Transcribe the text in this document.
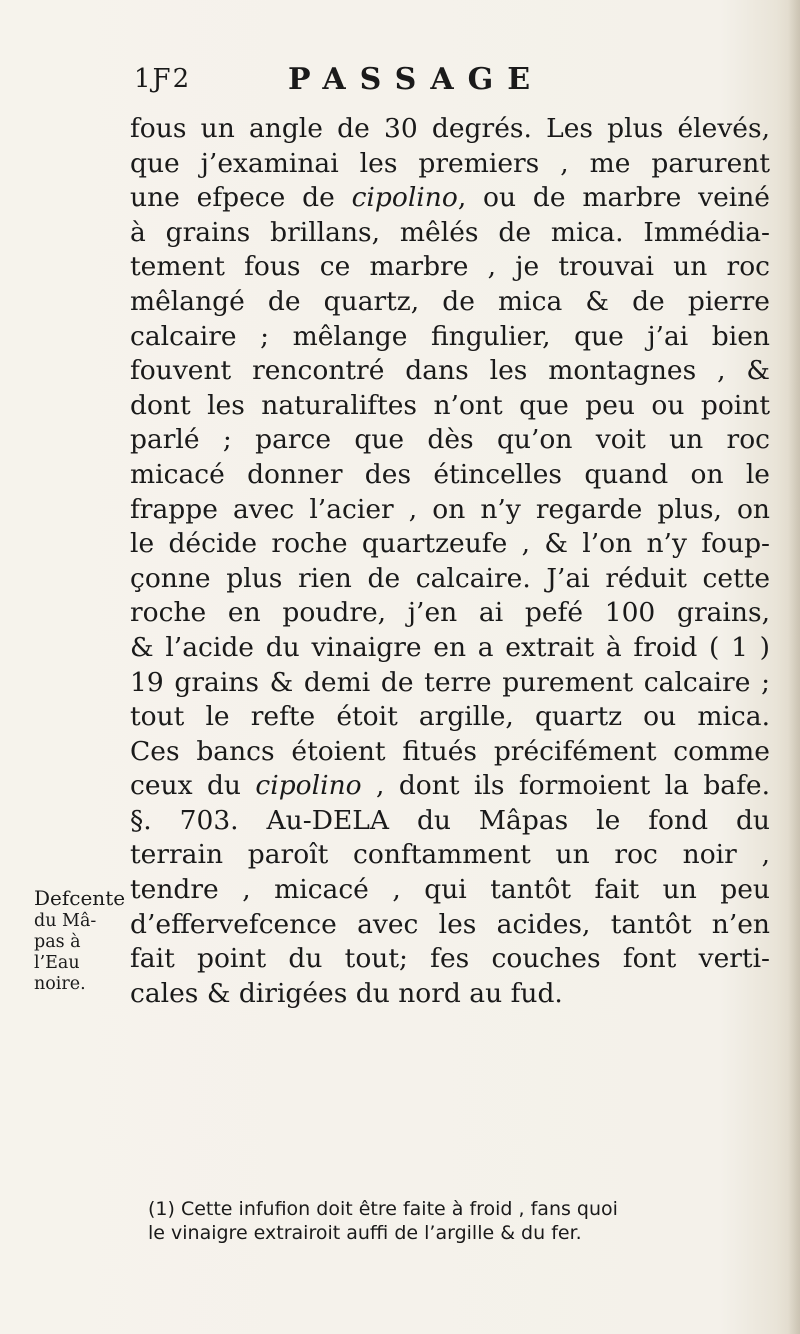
1Ƒ2	PASSAGE
fous un angle de 30 degrés. Les plus élevés,
que j’examinai les premiers , me parurent
une efpece de cipolino, ou de marbre veiné
à grains brillans, mêlés de mica. Immédia-
tement fous ce marbre , je trouvai un roc
mêlangé de quartz, de mica & de pierre
calcaire ; mêlange fingulier, que j’ai bien
fouvent rencontré dans les montagnes , &
dont les naturaliftes n’ont que peu ou point
parlé ; parce que dès qu’on voit un roc
micacé donner des étincelles quand on le
frappe avec l’acier , on n’y regarde plus, on
le décide roche quartzeufe , & l’on n’y foup-
çonne plus rien de calcaire. J’ai réduit cette
roche en poudre, j’en ai pefé 100 grains,
& l’acide du vinaigre en a extrait à froid ( 1 )
19 grains & demi de terre purement calcaire ;
tout le refte étoit argille, quartz ou mica.
Ces bancs étoient fitués précifément comme
ceux du cipolino , dont ils formoient la bafe.
§. 703. Au-DELA du Mâpas le fond du
terrain paroît conftamment un roc noir ,
tendre , micacé , qui tantôt fait un peu
d’effervefcence avec les acides, tantôt n’en
fait point du tout; fes couches font verti-
cales & dirigées du nord au fud.
Defcente
du Mâ-
pas à
l’Eau
noire.
(1) Cette infufion doit être faite à froid , fans quoi
le vinaigre extrairoit auffi de l’argille & du fer.
